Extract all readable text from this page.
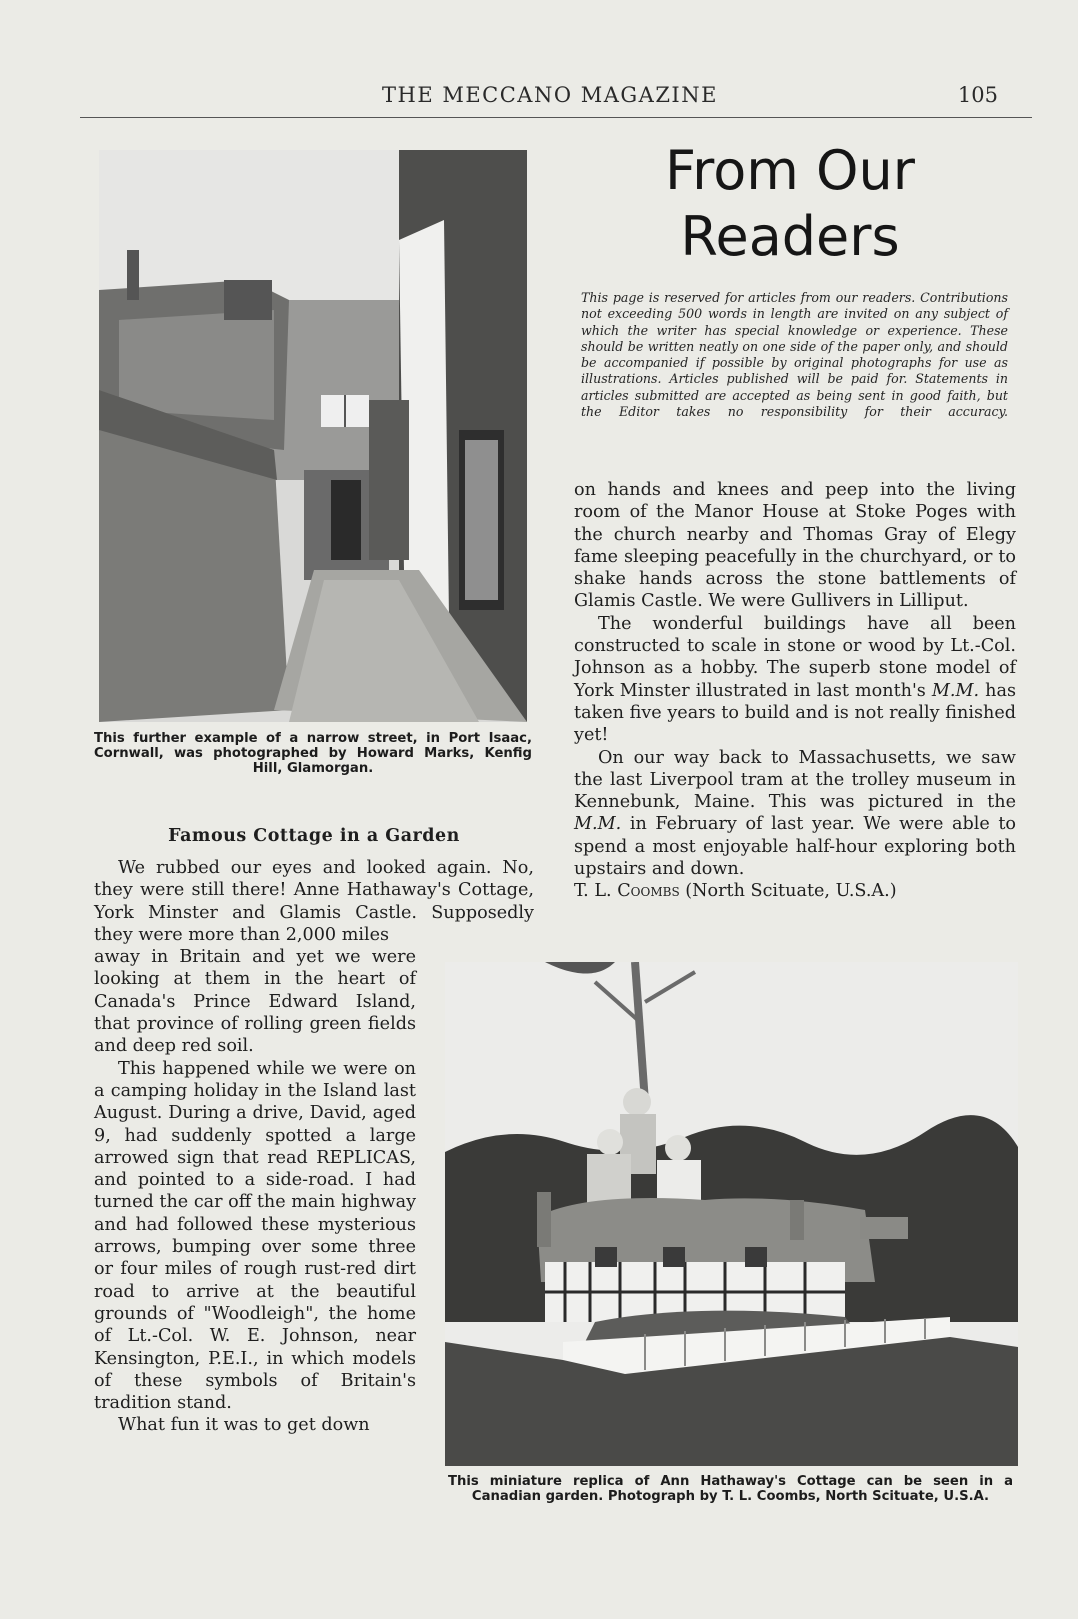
THE MECCANO MAGAZINE	105
This further example of a narrow street, in Port Isaac, Cornwall, was photographed by Howard Marks, Kenfig Hill, Glamorgan.
From Our
Readers

This page is reserved for articles from our readers. Contributions not exceeding 500 words in length are invited on any subject of which the writer has special knowledge or experience. These should be written neatly on one side of the paper only, and should be accompanied if possible by original photographs for use as illustrations. Articles published will be paid for. Statements in articles submitted are accepted as being sent in good faith, but the Editor takes no responsibility for their accuracy.

on hands and knees and peep into the living room of the Manor House at Stoke Poges with the church nearby and Thomas Gray of Elegy fame sleeping peacefully in the churchyard, or to shake hands across the stone battlements of Glamis Castle. We were Gullivers in Lilliput.

The wonderful buildings have all been constructed to scale in stone or wood by Lt.-Col. Johnson as a hobby. The superb stone model of York Minster illustrated in last month's M.M. has taken five years to build and is not really finished yet!

On our way back to Massachusetts, we saw the last Liverpool tram at the trolley museum in Kennebunk, Maine. This was pictured in the M.M. in February of last year. We were able to spend a most enjoyable half-hour exploring both upstairs and down.

T. L. Coombs (North Scituate, U.S.A.)

Famous Cottage in a Garden

We rubbed our eyes and looked again. No, they were still there! Anne Hathaway's Cottage, York Minster and Glamis Castle. Supposedly they were more than 2,000 miles

away in Britain and yet we were looking at them in the heart of Canada's Prince Edward Island, that province of rolling green fields and deep red soil.

This happened while we were on a camping holiday in the Island last August. During a drive, David, aged 9, had suddenly spotted a large arrowed sign that read REPLICAS, and pointed to a side-road. I had turned the car off the main highway and had followed these mysterious arrows, bumping over some three or four miles of rough rust-red dirt road to arrive at the beautiful grounds of "Woodleigh", the home of Lt.-Col. W. E. Johnson, near Kensington, P.E.I., in which models of these symbols of Britain's tradition stand.

What fun it was to get down

This miniature replica of Ann Hathaway's Cottage can be seen in a Canadian garden. Photograph by T. L. Coombs, North Scituate, U.S.A.
